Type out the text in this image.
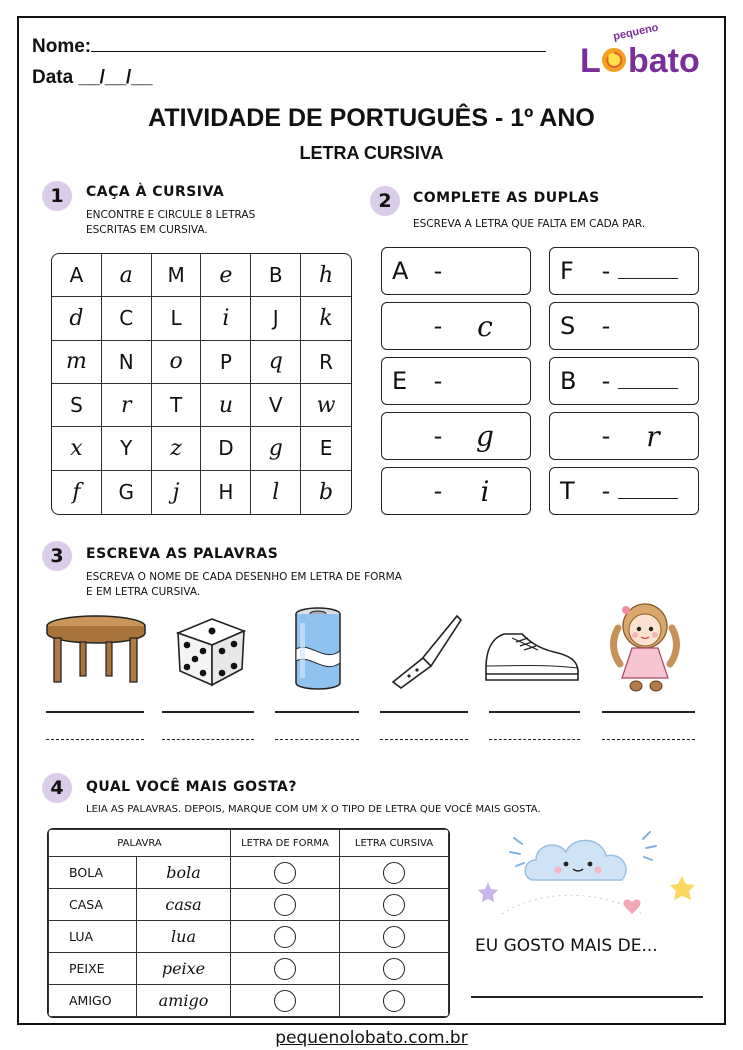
Nome:
Data __/__/__
pequeno
L bato
ATIVIDADE DE PORTUGUÊS - 1º ANO
LETRA CURSIVA
1	CAÇA À CURSIVA
ENCONTRE E CIRCULE 8 LETRAS
ESCRITAS EM CURSIVA.
A	a	M	e	B	h
d	C	L	i	J	k
m	N	o	P	q	R
S	r	T	u	V	w
x	Y	z	D	g	E
f	G	j	H	l	b
2	COMPLETE AS DUPLAS
ESCREVA A LETRA QUE FALTA EM CADA PAR.
A	-
-	c
E	-
-	g
-	i
F	-
S	-
B	-
-	r
T	-
3	ESCREVA AS PALAVRAS
ESCREVA O NOME DE CADA DESENHO EM LETRA DE FORMA
E EM LETRA CURSIVA.
4	QUAL VOCÊ MAIS GOSTA?
LEIA AS PALAVRAS. DEPOIS, MARQUE COM UM X O TIPO DE LETRA QUE VOCÊ MAIS GOSTA.
PALAVRA		LETRA DE FORMA	LETRA CURSIVA
BOLA	bola		
CASA	casa		
LUA	lua		
PEIXE	peixe		
AMIGO	amigo		
EU GOSTO MAIS DE...
pequenolobato.com.br
